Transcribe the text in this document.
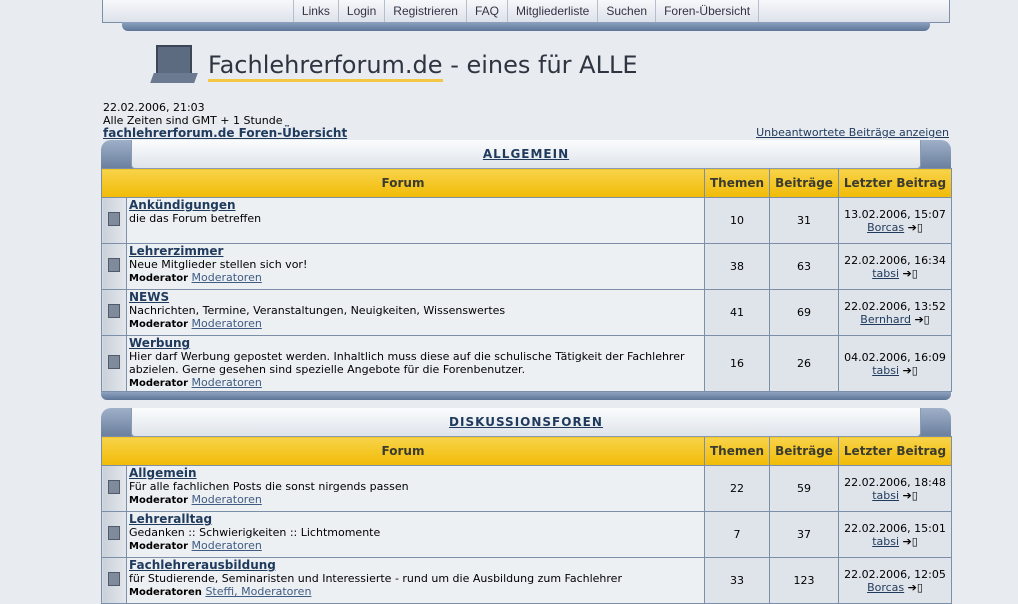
Links	Login	Registrieren	FAQ	Mitgliederliste	Suchen	Foren-Übersicht
Fachlehrerforum.de - eines für ALLE
22.02.2006, 21:03
Alle Zeiten sind GMT + 1 Stunde
fachlehrerforum.de Foren-Übersicht	Unbeantwortete Beiträge anzeigen
ALLGEMEIN
Forum		Themen	Beiträge	Letzter Beitrag
	Ankündigungen
die das Forum betreffen	10	31	13.02.2006, 15:07
Borcas ➔▯
	Lehrerzimmer
Neue Mitglieder stellen sich vor!
Moderator Moderatoren	38	63	22.02.2006, 16:34
tabsi ➔▯
	NEWS
Nachrichten, Termine, Veranstaltungen, Neuigkeiten, Wissenswertes
Moderator Moderatoren	41	69	22.02.2006, 13:52
Bernhard ➔▯
	Werbung
Hier darf Werbung gepostet werden. Inhaltlich muss diese auf die schulische Tätigkeit der Fachlehrer abzielen. Gerne gesehen sind spezielle Angebote für die Forenbenutzer.
Moderator Moderatoren	16	26	04.02.2006, 16:09
tabsi ➔▯
DISKUSSIONSFOREN
Forum		Themen	Beiträge	Letzter Beitrag
	Allgemein
Für alle fachlichen Posts die sonst nirgends passen
Moderator Moderatoren	22	59	22.02.2006, 18:48
tabsi ➔▯
	Lehreralltag
Gedanken :: Schwierigkeiten :: Lichtmomente
Moderator Moderatoren	7	37	22.02.2006, 15:01
tabsi ➔▯
	Fachlehrerausbildung
für Studierende, Seminaristen und Interessierte - rund um die Ausbildung zum Fachlehrer
Moderatoren Steffi, Moderatoren	33	123	22.02.2006, 12:05
Borcas ➔▯
